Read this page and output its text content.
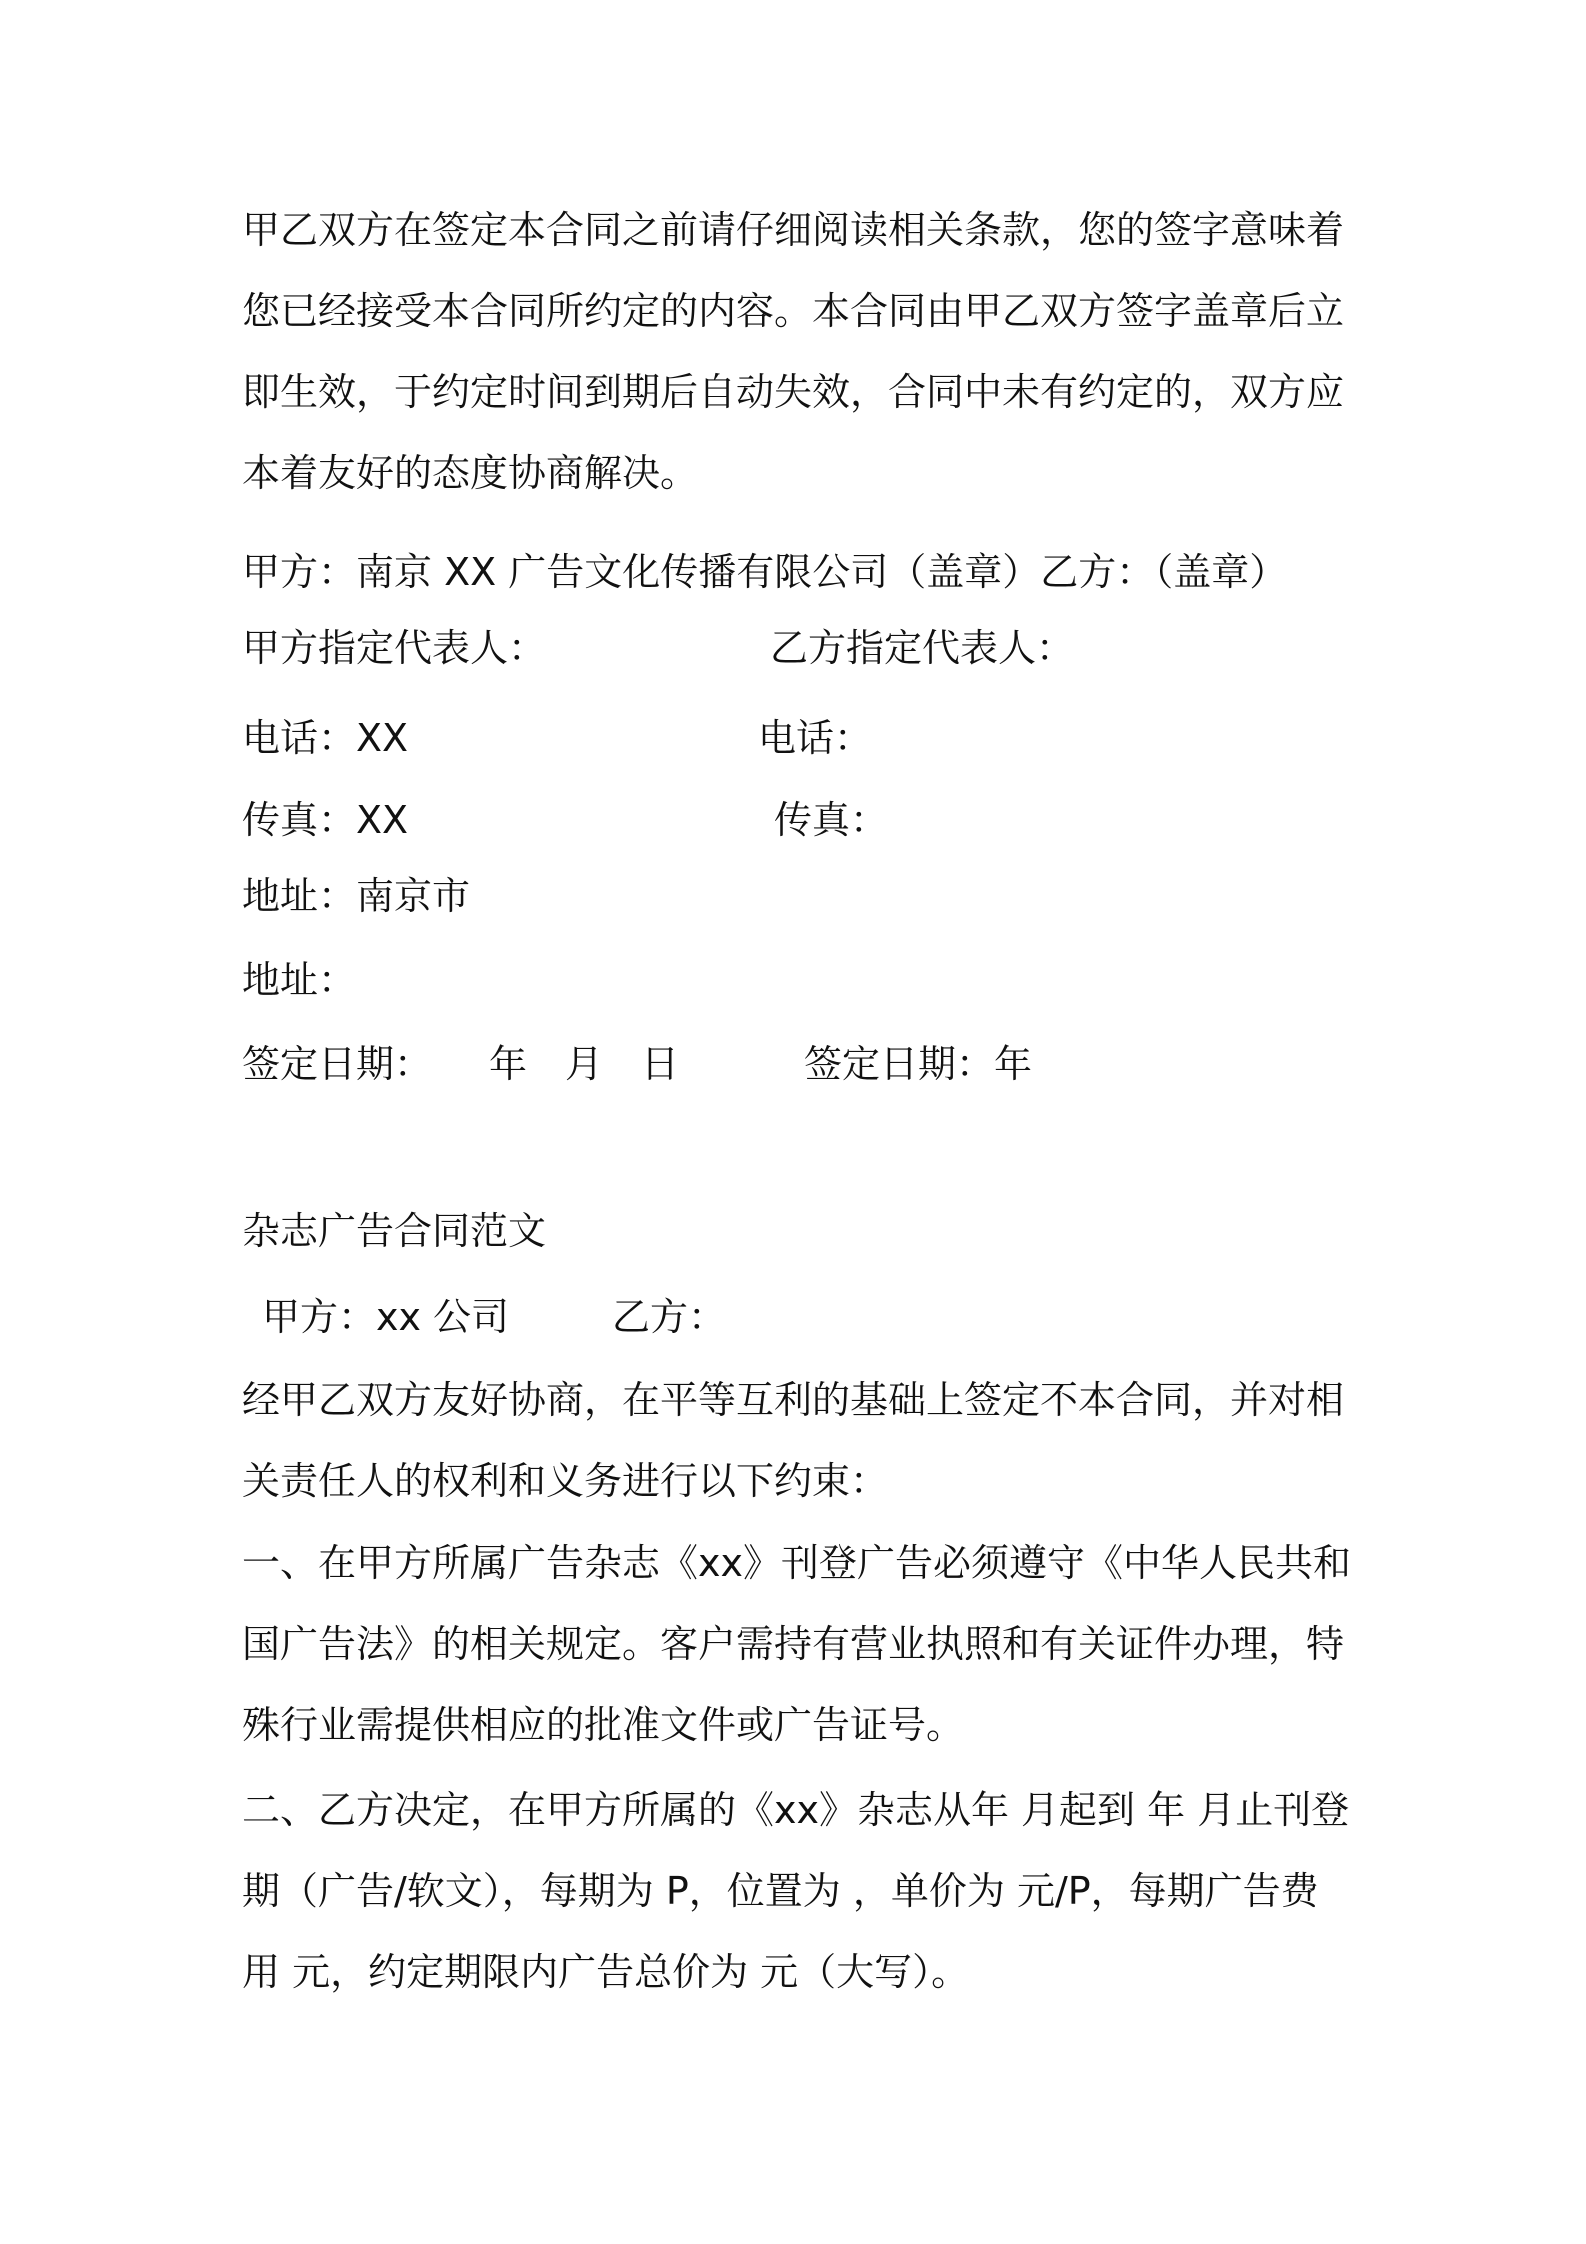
甲乙双方在签定本合同之前请仔细阅读相关条款，您的签字意味着您已经接受本合同所约定的内容。本合同由甲乙双方签字盖章后立即生效，于约定时间到期后自动失效，合同中未有约定的，双方应本着友好的态度协商解决。

甲方：南京 XX 广告文化传播有限公司（盖章）乙方：（盖章）
甲方指定代表人：	乙方指定代表人：
电话：XX	电话：
传真：XX	传真：
地址：南京市
地址：
签定日期：　　年　月　日	签定日期：年
杂志广告合同范文
甲方：xx 公司	乙方：

经甲乙双方友好协商，在平等互利的基础上签定不本合同，并对相关责任人的权利和义务进行以下约束：

一、在甲方所属广告杂志《xx》刊登广告必须遵守《中华人民共和国广告法》的相关规定。客户需持有营业执照和有关证件办理，特殊行业需提供相应的批准文件或广告证号。

二、乙方决定，在甲方所属的《xx》杂志从年 月起到 年 月止刊登 期（广告/软文），每期为 P，位置为 ，单价为 元/P，每期广告费用 元，约定期限内广告总价为 元（大写）。
